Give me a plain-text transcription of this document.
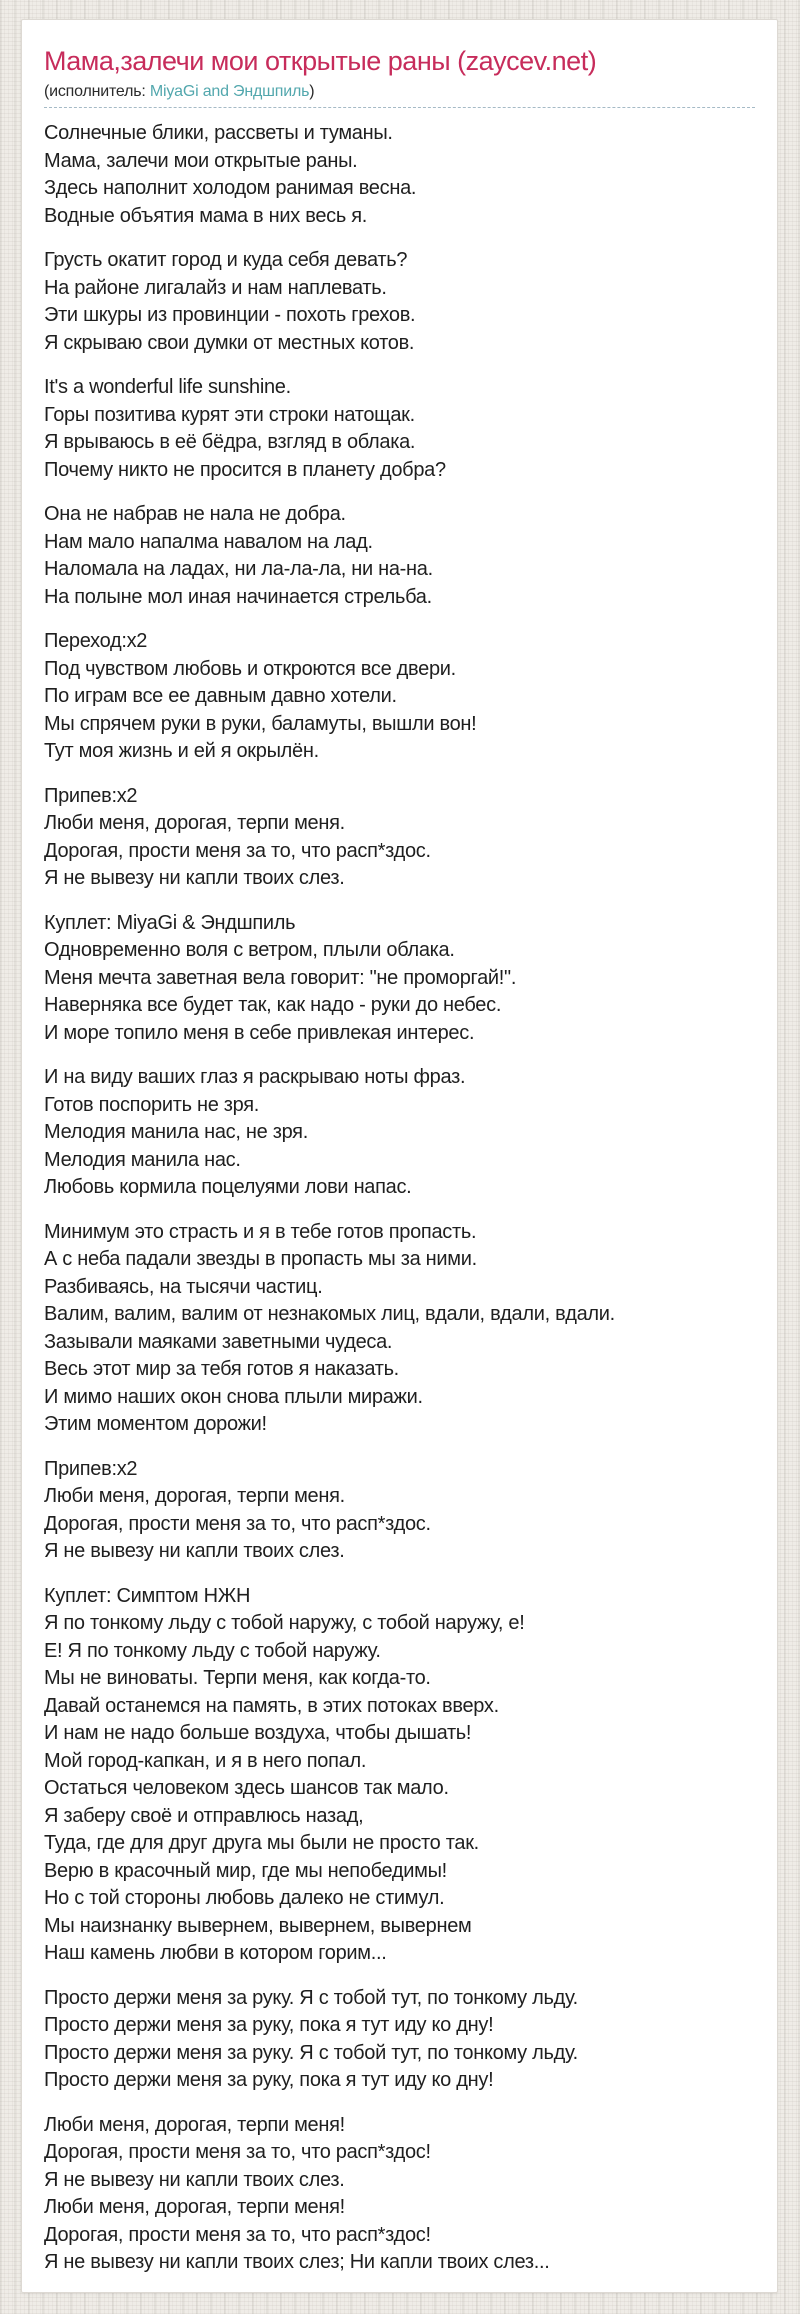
Мама,залечи мои открытые раны (zaycev.net)
(исполнитель: MiyaGi and Эндшпиль)

Солнечные блики, рассветы и туманы.
Мама, залечи мои открытые раны.
Здесь наполнит холодом ранимая весна.
Водные объятия мама в них весь я.

Грусть окатит город и куда себя девать?
На районе лигалайз и нам наплевать.
Эти шкуры из провинции - похоть грехов.
Я скрываю свои думки от местных котов.

It's a wonderful life sunshine.
Горы позитива курят эти строки натощак.
Я врываюсь в её бёдра, взгляд в облака.
Почему никто не просится в планету добра?

Она не набрав не нала не добра.
Нам мало напалма навалом на лад.
Наломала на ладах, ни ла-ла-ла, ни на-на.
На полыне мол иная начинается стрельба.

Переход:x2
Под чувством любовь и откроются все двери.
По играм все ее давным давно хотели.
Мы спрячем руки в руки, баламуты, вышли вон!
Тут моя жизнь и ей я окрылён.

Припев:x2
Люби меня, дорогая, терпи меня.
Дорогая, прости меня за то, что расп*здос.
Я не вывезу ни капли твоих слез.

Куплет: MiyaGi & Эндшпиль
Одновременно воля с ветром, плыли облака.
Меня мечта заветная вела говорит: "не проморгай!".
Наверняка все будет так, как надо - руки до небес.
И море топило меня в себе привлекая интерес.

И на виду ваших глаз я раскрываю ноты фраз.
Готов поспорить не зря.
Мелодия манила нас, не зря.
Мелодия манила нас.
Любовь кормила поцелуями лови напас.

Минимум это страсть и я в тебе готов пропасть.
А с неба падали звезды в пропасть мы за ними.
Разбиваясь, на тысячи частиц.
Валим, валим, валим от незнакомых лиц, вдали, вдали, вдали.
Зазывали маяками заветными чудеса.
Весь этот мир за тебя готов я наказать.
И мимо наших окон снова плыли миражи.
Этим моментом дорожи!

Припев:x2
Люби меня, дорогая, терпи меня.
Дорогая, прости меня за то, что расп*здос.
Я не вывезу ни капли твоих слез.

Куплет: Симптом НЖН
Я по тонкому льду с тобой наружу, с тобой наружу, е!
Е! Я по тонкому льду с тобой наружу.
Мы не виноваты. Терпи меня, как когда-то.
Давай останемся на память, в этих потоках вверх.
И нам не надо больше воздуха, чтобы дышать!
Мой город-капкан, и я в него попал.
Остаться человеком здесь шансов так мало.
Я заберу своё и отправлюсь назад,
Туда, где для друг друга мы были не просто так.
Верю в красочный мир, где мы непобедимы!
Но с той стороны любовь далеко не стимул.
Мы наизнанку вывернем, вывернем, вывернем
Наш камень любви в котором горим...

Просто держи меня за руку. Я с тобой тут, по тонкому льду.
Просто держи меня за руку, пока я тут иду ко дну!
Просто держи меня за руку. Я с тобой тут, по тонкому льду.
Просто держи меня за руку, пока я тут иду ко дну!

Люби меня, дорогая, терпи меня!
Дорогая, прости меня за то, что расп*здос!
Я не вывезу ни капли твоих слез.
Люби меня, дорогая, терпи меня!
Дорогая, прости меня за то, что расп*здос!
Я не вывезу ни капли твоих слез; Ни капли твоих слез...
